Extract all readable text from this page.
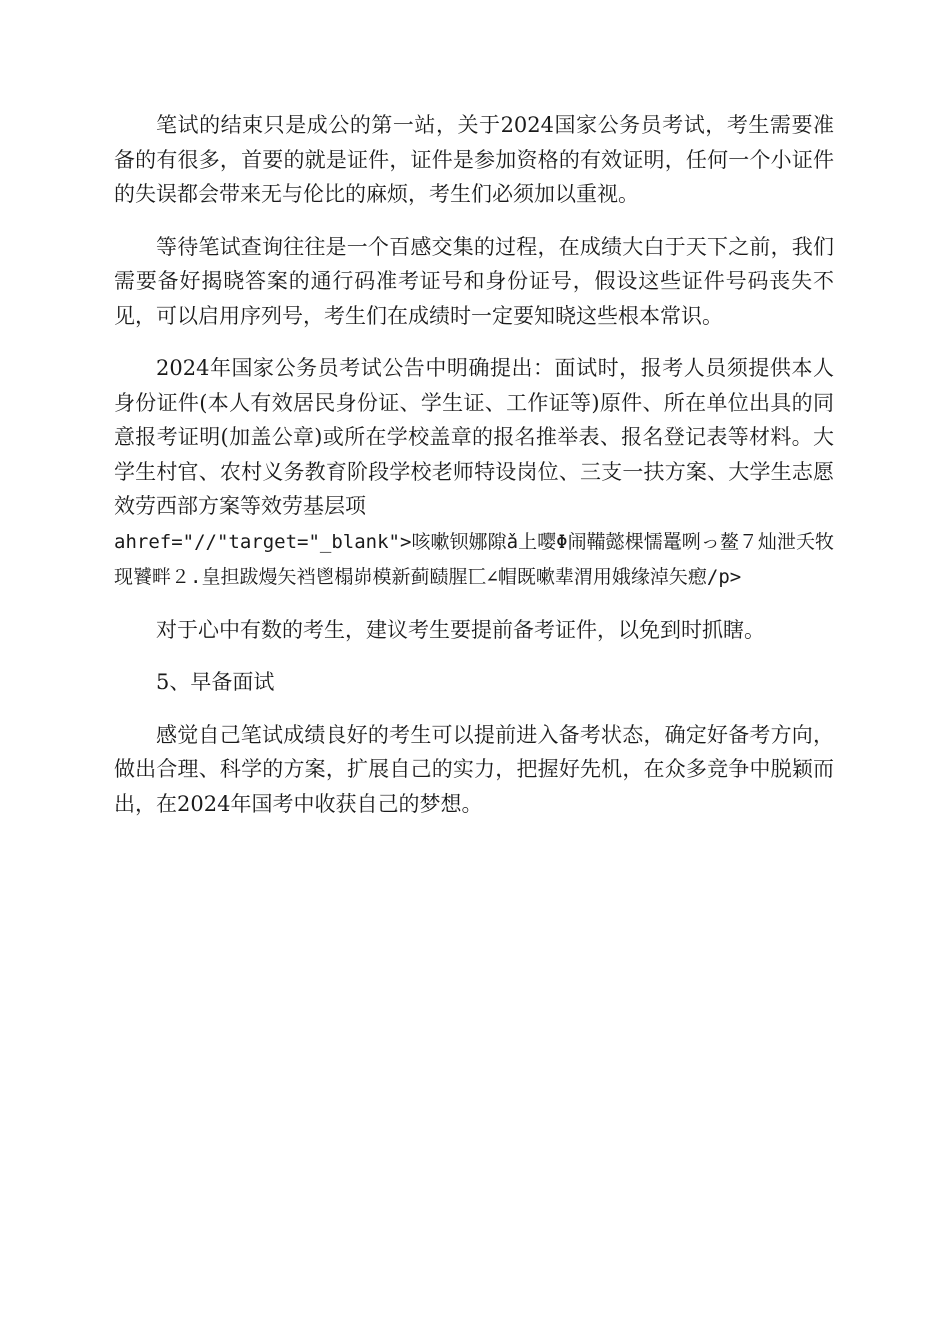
笔试的结束只是成公的第一站，关于2024国家公务员考试，考生需要准备的有很多，首要的就是证件，证件是参加资格的有效证明，任何一个小证件的失误都会带来无与伦比的麻烦，考生们必须加以重视。

等待笔试查询往往是一个百感交集的过程，在成绩大白于天下之前，我们需要备好揭晓答案的通行码准考证号和身份证号，假设这些证件号码丧失不见，可以启用序列号，考生们在成绩时一定要知晓这些根本常识。

2024年国家公务员考试公告中明确提出：面试时，报考人员须提供本人身份证件(本人有效居民身份证、学生证、工作证等)原件、所在单位出具的同意报考证明(加盖公章)或所在学校盖章的报名推举表、报名登记表等材料。大学生村官、农村义务教育阶段学校老师特设岗位、三支一扶方案、大学生志愿效劳西部方案等效劳基层项
ahref="//"target="_blank">咳嗽钡娜隙ǎ上嘤Φ闹鞴懿棵懦鼍咧っ鳌７灿泄夭牧现饕畔２.皇担跋熳矢裆鬯榻峁模新蓟赜腥匸∠帽既嗽辈渭用娥缘淖矢瘛/p>

对于心中有数的考生，建议考生要提前备考证件，以免到时抓瞎。

5、早备面试

感觉自己笔试成绩良好的考生可以提前进入备考状态，确定好备考方向，做出合理、科学的方案，扩展自己的实力，把握好先机，在众多竞争中脱颖而出，在2024年国考中收获自己的梦想。
